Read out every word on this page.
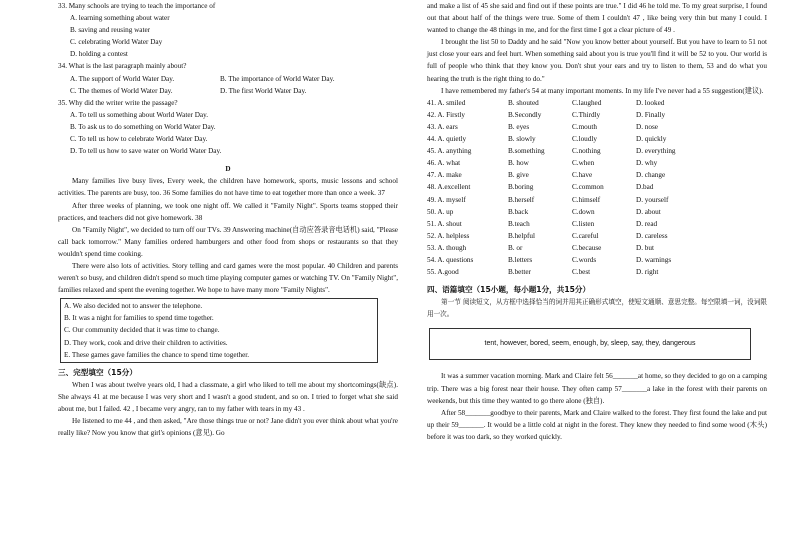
33. Many schools are trying to teach the importance of
A. learning something about water
B. saving and reusing water
C. celebrating World Water Day
D. holding a contest
34. What is the last paragraph mainly about?
A. The support of World Water Day.	B. The importance of World Water Day.
C. The themes of World Water Day.	D. The first World Water Day.
35. Why did the writer write the passage?
A. To tell us something about World Water Day.
B. To ask us to do something on World Water Day.
C. To tell us how to celebrate World Water Day.
D. To tell us how to save water on World Water Day.
D
Many families live busy lives, Every week, the children have homework, sports, music lessons and school activities. The parents are busy, too. 36 Some families do not have time to eat together more than once a week. 37
After three weeks of planning, we took one night off. We called it "Family Night". Sports teams stopped their practices, and teachers did not give homework. 38
On "Family Night", we decided to turn off our TVs. 39 Answering machine(自动应答录音电话机) said, "Please call back tomorrow." Many families ordered hamburgers and other food from shops or restaurants so that they wouldn't spend time cooking.
There were also lots of activities. Story telling and card games were the most popular. 40 Children and parents weren't so busy, and children didn't spend so much time playing computer games or watching TV. On "Family Night", families relaxed and spent the evening together. We hope to have many more "Family Nights".
A. We also decided not to answer the telephone.
B. It was a night for families to spend time together.
C. Our community decided that it was time to change.
D. They work, cook and drive their children to activities.
E. These games gave families the chance to spend time together.
三、完型填空（15分）
When I was about twelve years old, I had a classmate, a girl who liked to tell me about my shortcomings(缺点). She always 41 at me because I was very short and I wasn't a good student, and so on. I tried to forget what she said about me, but I failed. 42 , I became very angry, ran to my father with tears in my 43 .
He listened to me 44 , and then asked, "Are those things true or not? Jane didn't you ever think about what you're really like? Now you know that girl's opinions (意见). Go
and make a list of 45 she said and find out if these points are true." I did 46 he told me. To my great surprise, I found out that about half of the things were true. Some of them I couldn't 47 , like being very thin but many I could. I wanted to change the 48 things in me, and for the first time I got a clear picture of 49 .
I brought the list 50 to Daddy and he said "Now you know better about yourself. But you have to learn to 51 not just close your ears and feel hurt. When something said about you is true you'll find it will be 52 to you. Our world is full of people who think that they know you. Don't shut your ears and try to listen to them, 53 and do what you hearing the truth is the right thing to do."
I have remembered my father's 54 at many important moments. In my life I've never had a 55 suggestion(建议).
41. A. smiled	B. shouted	C.laughed	D. looked
42. A. Firstly	B.Secondly	C.Thirdly	D. Finally
43. A. ears	B. eyes	C.mouth	D. nose
44. A. quietly	B. slowly	C.loudly	D. quickly
45. A. anything	B.something	C.nothing	D. everything
46. A. what	B. how	C.when	D. why
47. A. make	B. give	C.have	D. change
48. A.excellent	B.boring	C.common	D.bad
49. A. myself	B.herself	C.himself	D. yourself
50. A. up	B.back	C.down	D. about
51. A. shout	B.teach	C.listen	D. read
52. A. helpless	B.helpful	C.careful	D. careless
53. A. though	B. or	C.because	D. but
54. A. questions	B.letters	C.words	D. warnings
55. A.good	B.better	C.best	D. right
四、语篇填空（15小题，每小题1分，共15分）
第一节 阅读短文，从方框中选择恰当的词并用其正确形式填空，使短文通顺、意思完整。每空限填一词，没词限用一次。
tent, however, bored, seem, enough, by, sleep, say, they, dangerous
It was a summer vacation morning. Mark and Claire felt 56_______at home, so they decided to go on a camping trip. There was a big forest near their house. They often camp 57_______a lake in the forest with their parents on weekends, but this time they wanted to go there alone (独自).
After 58_______goodbye to their parents, Mark and Claire walked to the forest. They first found the lake and put up their 59_______. It would be a little cold at night in the forest. They knew they needed to find some wood (木头) before it was too dark, so they worked quickly.
